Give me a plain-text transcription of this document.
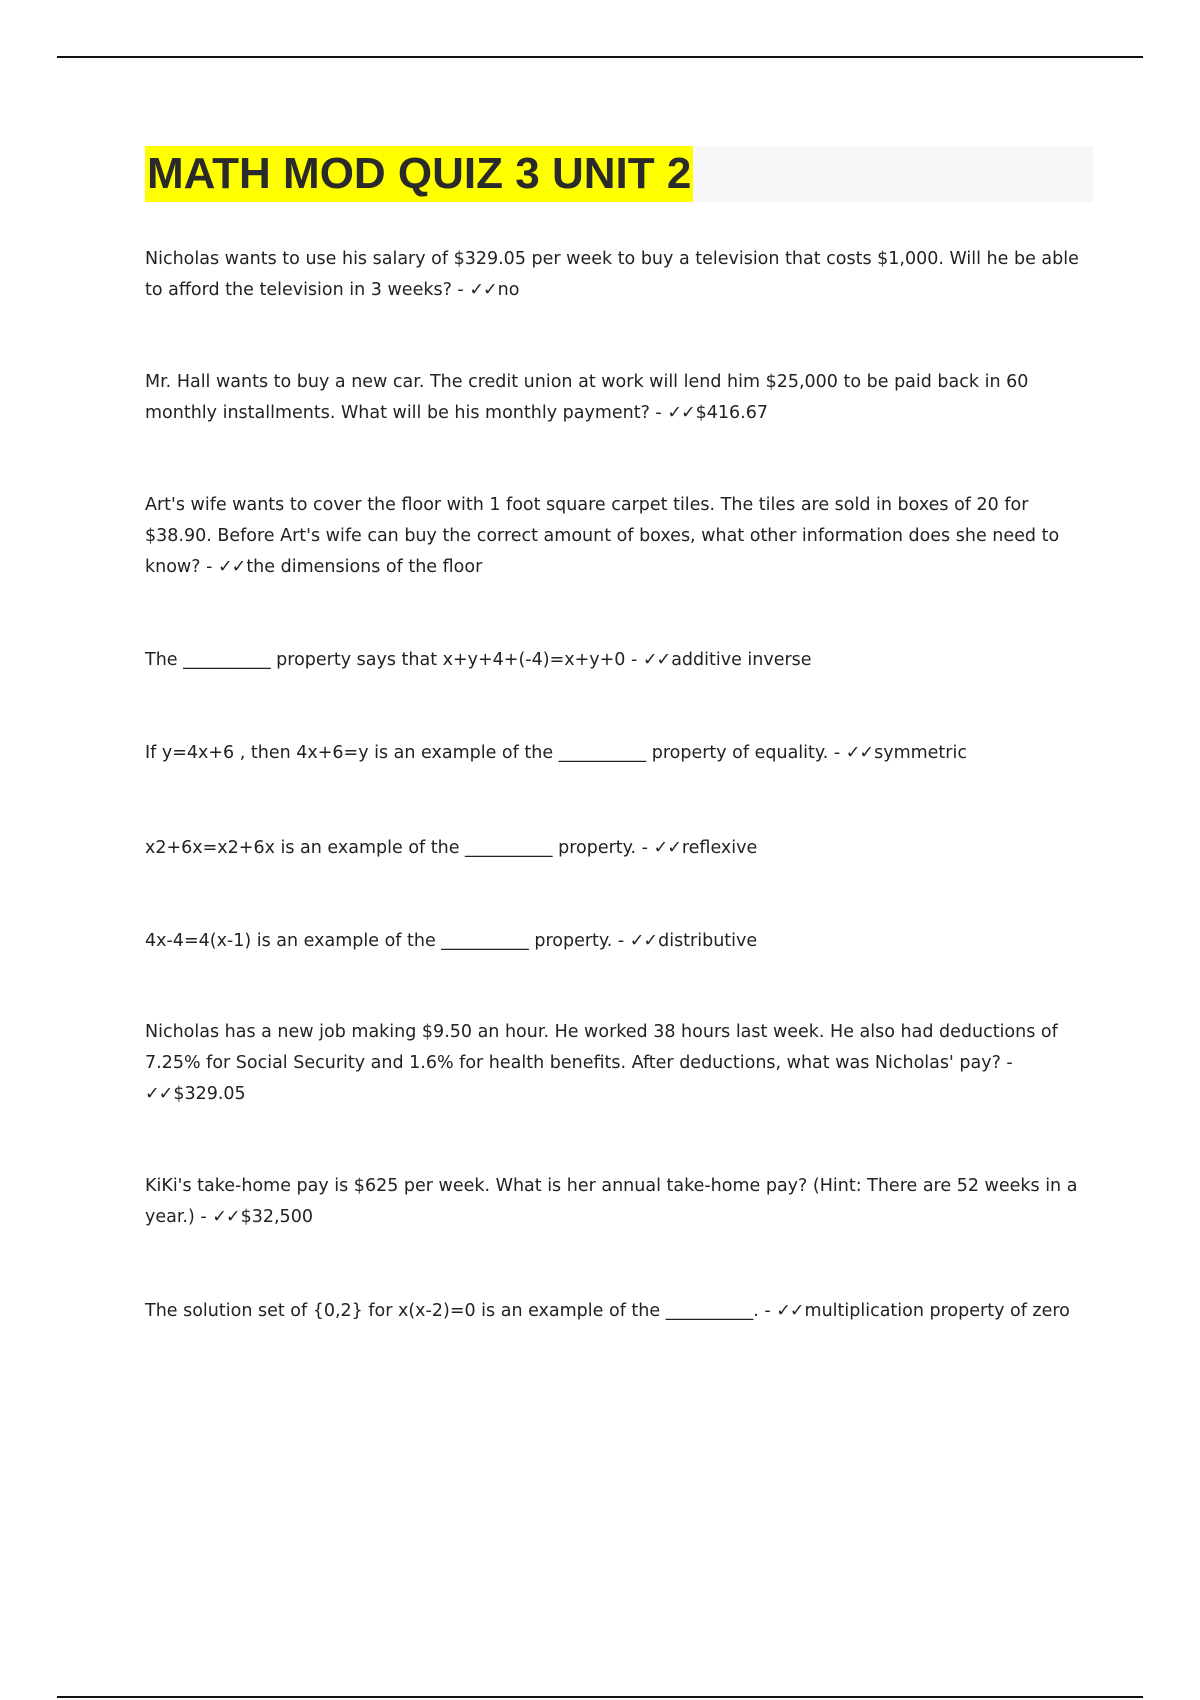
MATH MOD QUIZ 3 UNIT 2
Nicholas wants to use his salary of $329.05 per week to buy a television that costs $1,000. Will he be able to afford the television in 3 weeks? - ✓✓no
Mr. Hall wants to buy a new car. The credit union at work will lend him $25,000 to be paid back in 60 monthly installments. What will be his monthly payment? - ✓✓$416.67
Art's wife wants to cover the floor with 1 foot square carpet tiles. The tiles are sold in boxes of 20 for $38.90. Before Art's wife can buy the correct amount of boxes, what other information does she need to know? - ✓✓the dimensions of the floor
The __________ property says that x+y+4+(-4)=x+y+0 - ✓✓additive inverse
If y=4x+6 , then 4x+6=y is an example of the __________ property of equality. - ✓✓symmetric
x2+6x=x2+6x is an example of the __________ property. - ✓✓reflexive
4x-4=4(x-1) is an example of the __________ property. - ✓✓distributive
Nicholas has a new job making $9.50 an hour. He worked 38 hours last week. He also had deductions of 7.25% for Social Security and 1.6% for health benefits. After deductions, what was Nicholas' pay? - ✓✓$329.05
KiKi's take-home pay is $625 per week. What is her annual take-home pay? (Hint: There are 52 weeks in a year.) - ✓✓$32,500
The solution set of {0,2} for x(x-2)=0 is an example of the __________. - ✓✓multiplication property of zero
